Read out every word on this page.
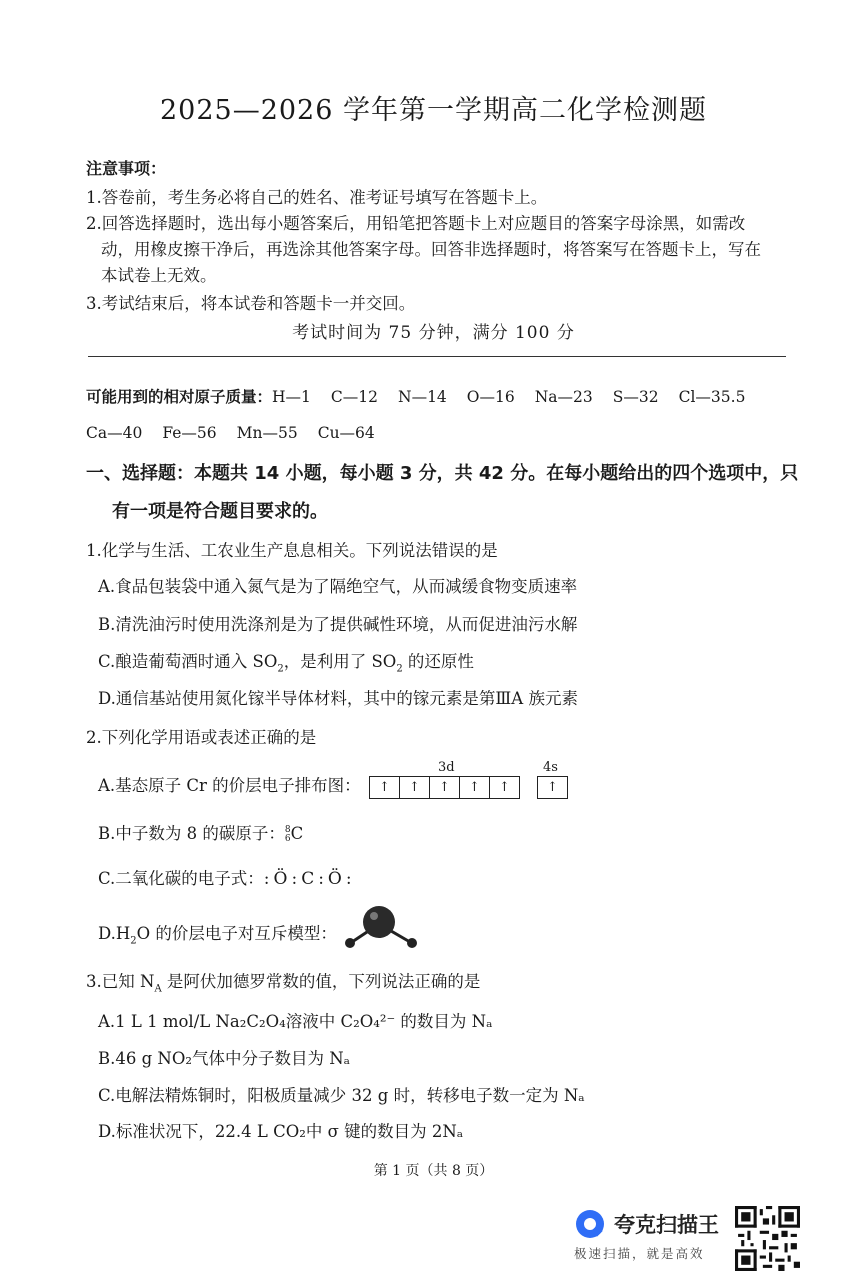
2025—2026 学年第一学期高二化学检测题
注意事项：
1.答卷前，考生务必将自己的姓名、准考证号填写在答题卡上。
2.回答选择题时，选出每小题答案后，用铅笔把答题卡上对应题目的答案字母涂黑，如需改
动，用橡皮擦干净后，再选涂其他答案字母。回答非选择题时，将答案写在答题卡上，写在
本试卷上无效。
3.考试结束后，将本试卷和答题卡一并交回。
考试时间为 75 分钟，满分 100 分
可能用到的相对原子质量：H—1 C—12 N—14 O—16 Na—23 S—32 Cl—35.5
Ca—40 Fe—56 Mn—55 Cu—64
一、选择题：本题共 14 小题，每小题 3 分，共 42 分。在每小题给出的四个选项中，只
有一项是符合题目要求的。
1.化学与生活、工农业生产息息相关。下列说法错误的是
A.食品包装袋中通入氮气是为了隔绝空气，从而减缓食物变质速率
B.清洗油污时使用洗涤剂是为了提供碱性环境，从而促进油污水解
C.酿造葡萄酒时通入 $SO_2$，是利用了 $SO_2$ 的还原性
D.通信基站使用氮化镓半导体材料，其中的镓元素是第ⅢA 族元素
2.下列化学用语或表述正确的是
A.基态原子 Cr 的价层电子排布图：
3d	4s
↑	↑	↑	↑	↑	↑
B.中子数为 8 的碳原子： 8
6 C
C.二氧化碳的电子式：:Ö:C:Ö:
$D.H_2O$ 的价层电子对互斥模型：
3.已知 $N_A$ 是阿伏加德罗常数的值，下列说法正确的是
A.1 L 1 mol/L Na₂C₂O₄溶液中 C₂O₄²⁻ 的数目为 Nₐ
B.46 g NO₂气体中分子数目为 Nₐ
C.电解法精炼铜时，阳极质量减少 32 g 时，转移电子数一定为 Nₐ
D.标准状况下，22.4 L CO₂中 σ 键的数目为 2Nₐ
第 1 页（共 8 页）
夸克扫描王
极速扫描，就是高效
